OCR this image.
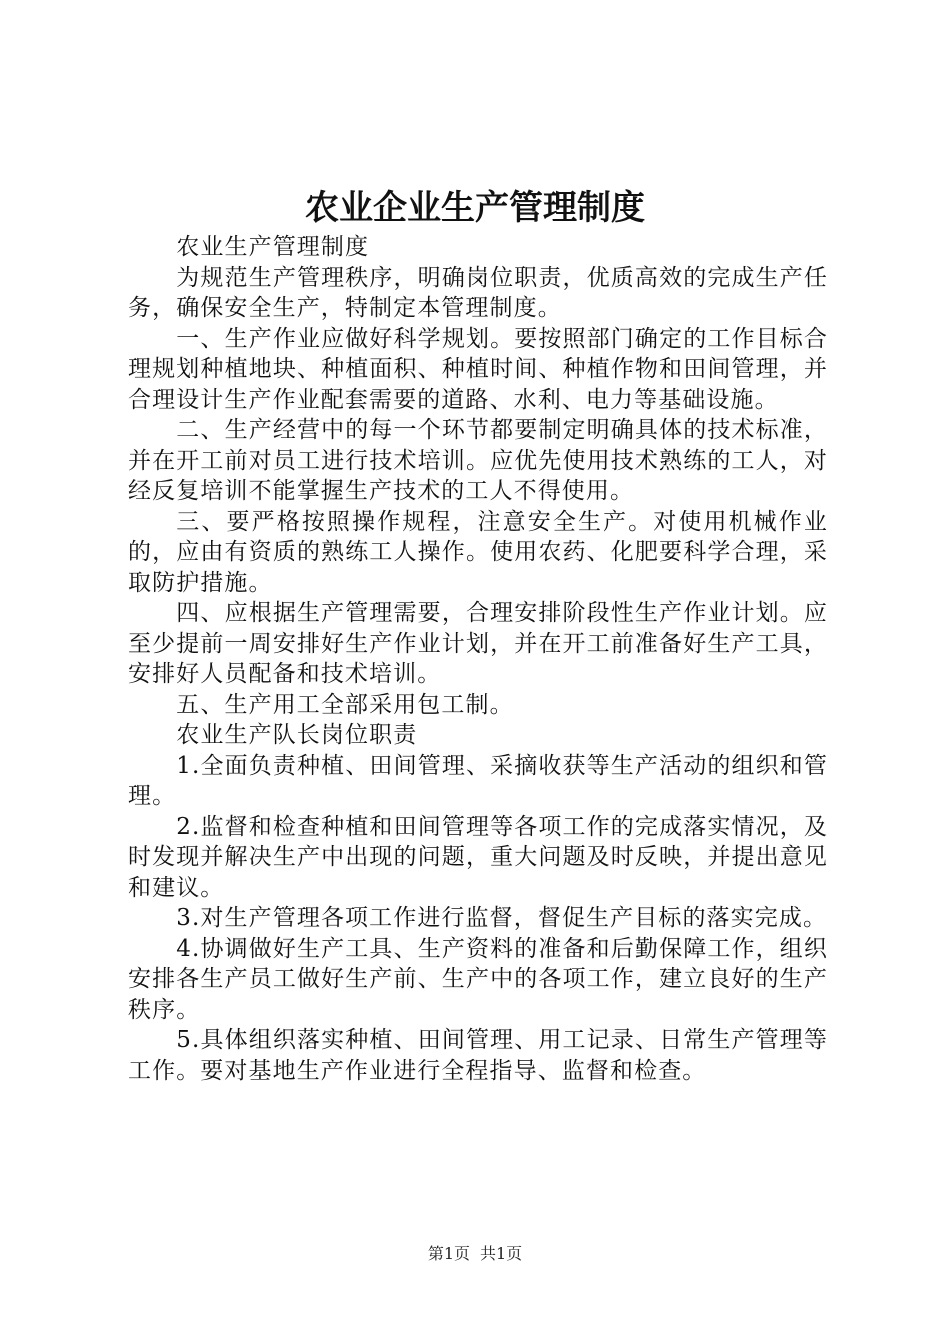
农业企业生产管理制度

农业生产管理制度

为规范生产管理秩序，明确岗位职责，优质高效的完成生产任务，确保安全生产，特制定本管理制度。

一、生产作业应做好科学规划。要按照部门确定的工作目标合理规划种植地块、种植面积、种植时间、种植作物和田间管理，并合理设计生产作业配套需要的道路、水利、电力等基础设施。

二、生产经营中的每一个环节都要制定明确具体的技术标准，并在开工前对员工进行技术培训。应优先使用技术熟练的工人，对经反复培训不能掌握生产技术的工人不得使用。

三、要严格按照操作规程，注意安全生产。对使用机械作业的，应由有资质的熟练工人操作。使用农药、化肥要科学合理，采取防护措施。

四、应根据生产管理需要，合理安排阶段性生产作业计划。应至少提前一周安排好生产作业计划，并在开工前准备好生产工具，安排好人员配备和技术培训。

五、生产用工全部采用包工制。

农业生产队长岗位职责

1.全面负责种植、田间管理、采摘收获等生产活动的组织和管理。

2.监督和检查种植和田间管理等各项工作的完成落实情况，及时发现并解决生产中出现的问题，重大问题及时反映，并提出意见和建议。

3.对生产管理各项工作进行监督，督促生产目标的落实完成。

4.协调做好生产工具、生产资料的准备和后勤保障工作，组织安排各生产员工做好生产前、生产中的各项工作，建立良好的生产秩序。

5.具体组织落实种植、田间管理、用工记录、日常生产管理等工作。要对基地生产作业进行全程指导、监督和检查。

第1页 共1页
